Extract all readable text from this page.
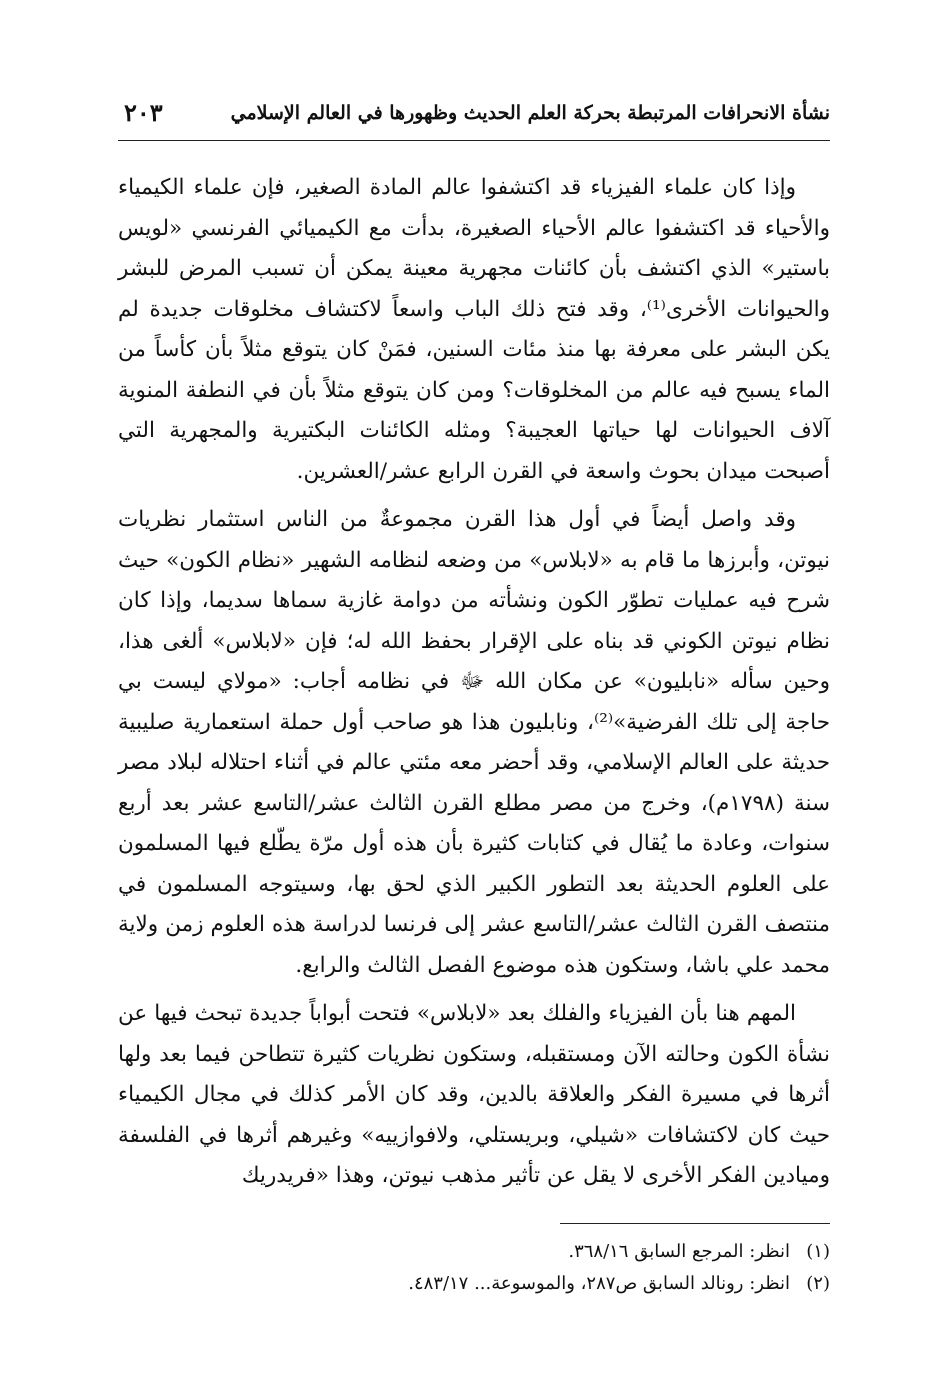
نشأة الانحرافات المرتبطة بحركة العلم الحديث وظهورها في العالم الإسلامي
٢٠٣

وإذا كان علماء الفيزياء قد اكتشفوا عالم المادة الصغير، فإن علماء الكيمياء والأحياء قد اكتشفوا عالم الأحياء الصغيرة، بدأت مع الكيميائي الفرنسي «لويس باستير» الذي اكتشف بأن كائنات مجهرية معينة يمكن أن تسبب المرض للبشر والحيوانات الأخرى⁽¹⁾، وقد فتح ذلك الباب واسعاً لاكتشاف مخلوقات جديدة لم يكن البشر على معرفة بها منذ مئات السنين، فمَنْ كان يتوقع مثلاً بأن كأساً من الماء يسبح فيه عالم من المخلوقات؟ ومن كان يتوقع مثلاً بأن في النطفة المنوية آلاف الحيوانات لها حياتها العجيبة؟ ومثله الكائنات البكتيرية والمجهرية التي أصبحت ميدان بحوث واسعة في القرن الرابع عشر/العشرين.

وقد واصل أيضاً في أول هذا القرن مجموعةٌ من الناس استثمار نظريات نيوتن، وأبرزها ما قام به «لابلاس» من وضعه لنظامه الشهير «نظام الكون» حيث شرح فيه عمليات تطوّر الكون ونشأته من دوامة غازية سماها سديما، وإذا كان نظام نيوتن الكوني قد بناه على الإقرار بحفظ الله له؛ فإن «لابلاس» ألغى هذا، وحين سأله «نابليون» عن مكان الله ﷻ في نظامه أجاب: «مولاي ليست بي حاجة إلى تلك الفرضية»⁽²⁾، ونابليون هذا هو صاحب أول حملة استعمارية صليبية حديثة على العالم الإسلامي، وقد أحضر معه مئتي عالم في أثناء احتلاله لبلاد مصر سنة (١٧٩٨م)، وخرج من مصر مطلع القرن الثالث عشر/التاسع عشر بعد أربع سنوات، وعادة ما يُقال في كتابات كثيرة بأن هذه أول مرّة يطّلع فيها المسلمون على العلوم الحديثة بعد التطور الكبير الذي لحق بها، وسيتوجه المسلمون في منتصف القرن الثالث عشر/التاسع عشر إلى فرنسا لدراسة هذه العلوم زمن ولاية محمد علي باشا، وستكون هذه موضوع الفصل الثالث والرابع.

المهم هنا بأن الفيزياء والفلك بعد «لابلاس» فتحت أبواباً جديدة تبحث فيها عن نشأة الكون وحالته الآن ومستقبله، وستكون نظريات كثيرة تتطاحن فيما بعد ولها أثرها في مسيرة الفكر والعلاقة بالدين، وقد كان الأمر كذلك في مجال الكيمياء حيث كان لاكتشافات «شيلي، وبريستلي، ولافوازييه» وغيرهم أثرها في الفلسفة وميادين الفكر الأخرى لا يقل عن تأثير مذهب نيوتن، وهذا «فريدريك

(١)
انظر: المرجع السابق ٣٦٨/١٦.
(٢)
انظر: رونالد السابق ص٢٨٧، والموسوعة... ٤٨٣/١٧.
